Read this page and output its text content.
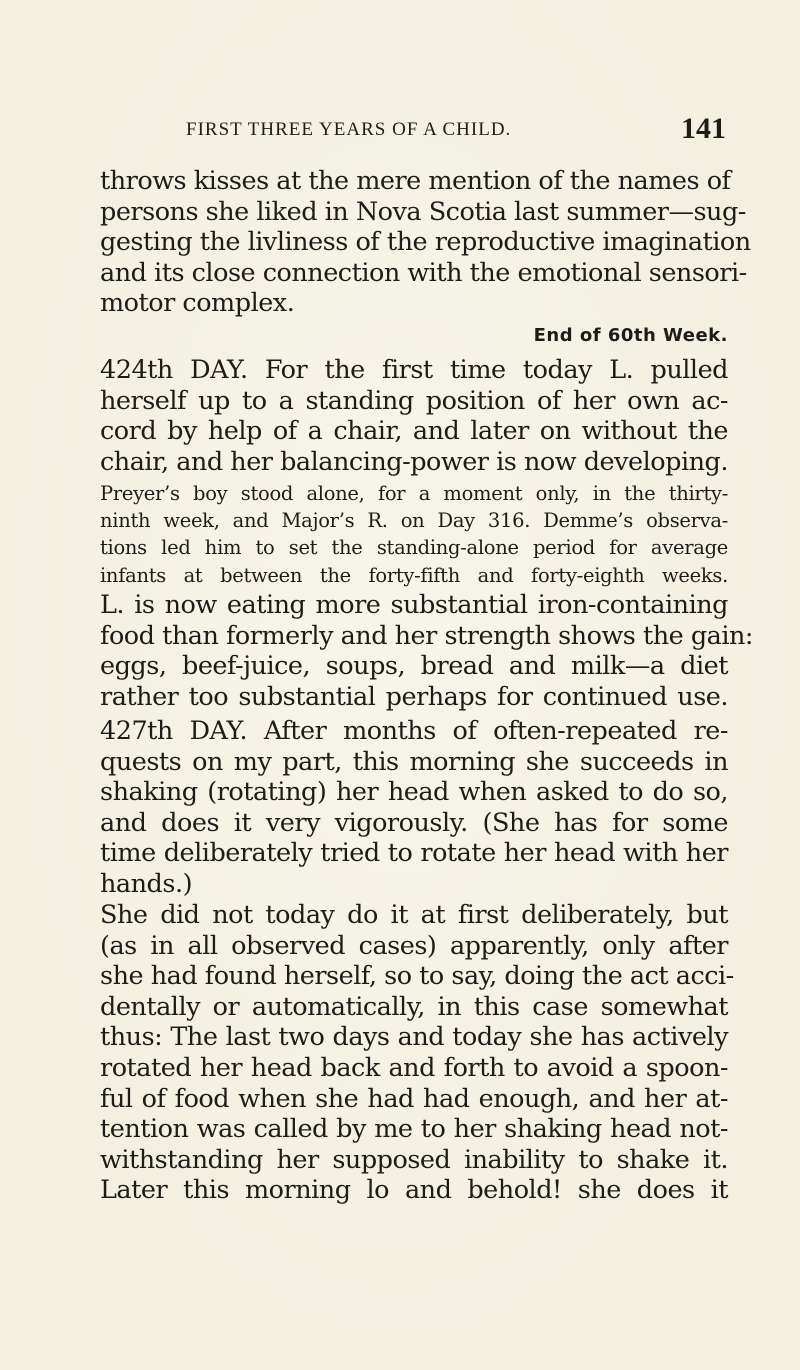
FIRST THREE YEARS OF A CHILD.	141
throws kisses at the mere mention of the names of
persons she liked in Nova Scotia last summer—sug-
gesting the livliness of the reproductive imagination
and its close connection with the emotional sensori-
motor complex.
End of 60th Week.
424th DAY. For the first time today L. pulled
herself up to a standing position of her own ac-
cord by help of a chair, and later on without the
chair, and her balancing-power is now developing.
Preyer’s boy stood alone, for a moment only, in the thirty-
ninth week, and Major’s R. on Day 316. Demme’s observa-
tions led him to set the standing-alone period for average
infants at between the forty-fifth and forty-eighth weeks.
L. is now eating more substantial iron-containing
food than formerly and her strength shows the gain:
eggs, beef-juice, soups, bread and milk—a diet
rather too substantial perhaps for continued use.
427th DAY. After months of often-repeated re-
quests on my part, this morning she succeeds in
shaking (rotating) her head when asked to do so,
and does it very vigorously. (She has for some
time deliberately tried to rotate her head with her
hands.)
She did not today do it at first deliberately, but
(as in all observed cases) apparently, only after
she had found herself, so to say, doing the act acci-
dentally or automatically, in this case somewhat
thus: The last two days and today she has actively
rotated her head back and forth to avoid a spoon-
ful of food when she had had enough, and her at-
tention was called by me to her shaking head not-
withstanding her supposed inability to shake it.
Later this morning lo and behold! she does it
